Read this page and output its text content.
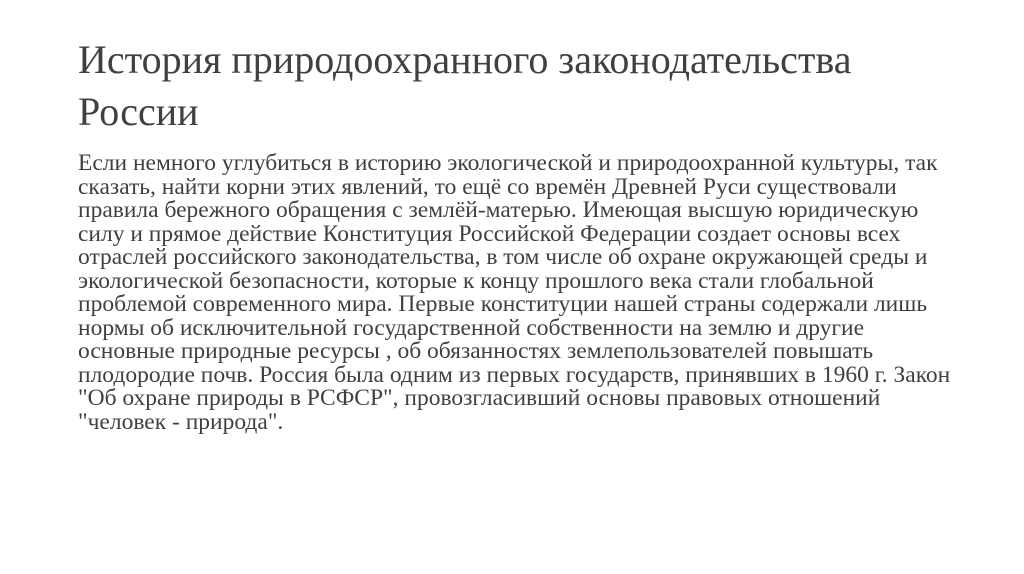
История природоохранного законодательства России

Если немного углубиться в историю экологической и природоохранной культуры, так сказать, найти корни этих явлений, то ещё со времён Древней Руси существовали правила бережного обращения с землёй-матерью. Имеющая высшую юридическую силу и прямое действие Конституция Российской Федерации создает основы всех отраслей российского законодательства, в том числе об охране окружающей среды и экологической безопасности, которые к концу прошлого века стали глобальной проблемой современного мира. Первые конституции нашей страны содержали лишь нормы об исключительной государственной собственности на землю и другие основные природные ресурсы , об обязанностях землепользователей повышать плодородие почв. Россия была одним из первых государств, принявших в 1960 г. Закон "Об охране природы в РСФСР", провозгласивший основы правовых отношений "человек - природа".
